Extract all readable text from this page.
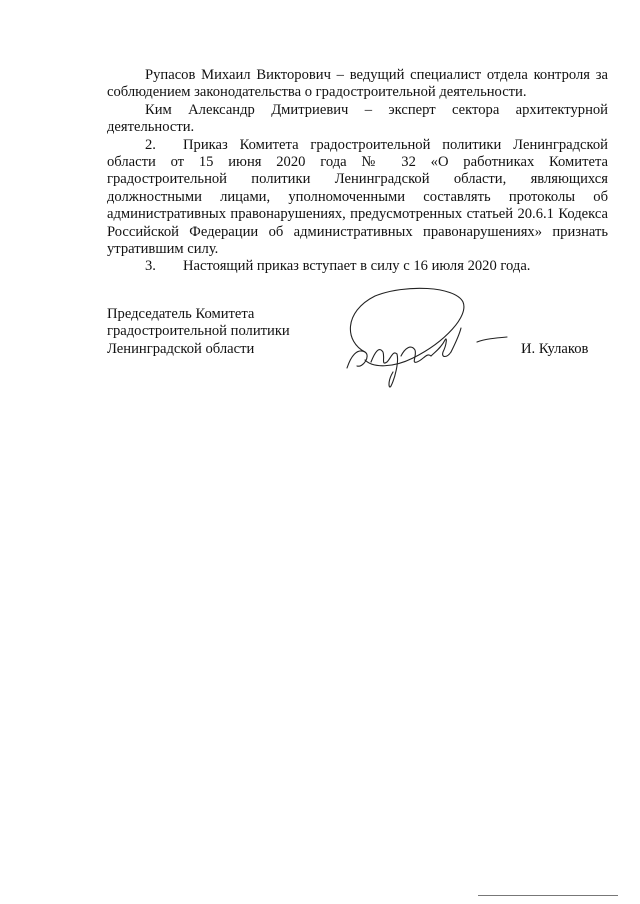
Рупасов Михаил Викторович – ведущий специалист отдела контроля за соблюдением законодательства о градостроительной деятельности.

Ким Александр Дмитриевич – эксперт сектора архитектурной деятельности.

2. Приказ Комитета градостроительной политики Ленинградской области от 15 июня 2020 года № 32 «О работниках Комитета градостроительной политики Ленинградской области, являющихся должностными лицами, уполномоченными составлять протоколы об административных правонарушениях, предусмотренных статьей 20.6.1 Кодекса Российской Федерации об административных правонарушениях» признать утратившим силу.

3. Настоящий приказ вступает в силу с 16 июля 2020 года.

Председатель Комитета
градостроительной политики
Ленинградской области	И. Кулаков
